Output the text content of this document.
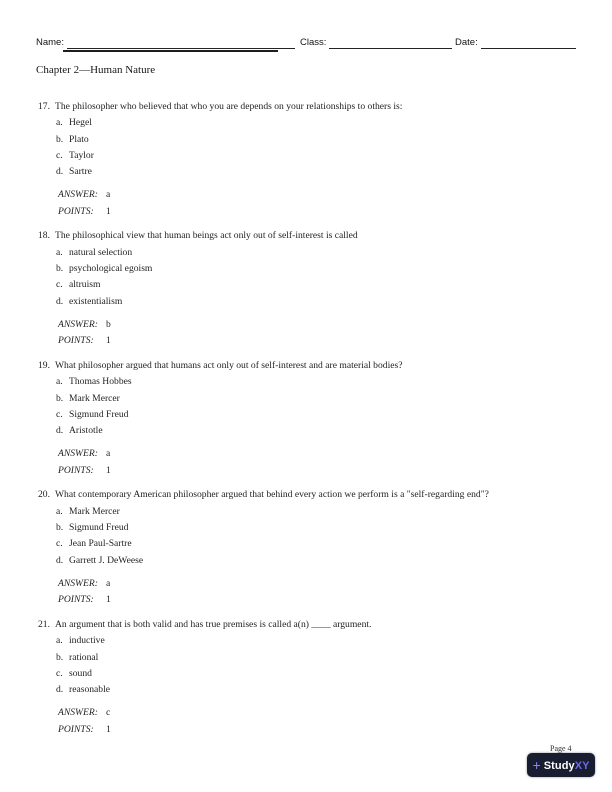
Name:	Class:	Date:
Chapter 2—Human Nature
17. The philosopher who believed that who you are depends on your relationships to others is:
a. Hegel
b. Plato
c. Taylor
d. Sartre
ANSWER: a
POINTS:	1
18. The philosophical view that human beings act only out of self-interest is called
a. natural selection
b. psychological egoism
c. altruism
d. existentialism
ANSWER: b
POINTS:	1
19. What philosopher argued that humans act only out of self-interest and are material bodies?
a. Thomas Hobbes
b. Mark Mercer
c. Sigmund Freud
d. Aristotle
ANSWER: a
POINTS:	1
20. What contemporary American philosopher argued that behind every action we perform is a "self-regarding end"?
a. Mark Mercer
b. Sigmund Freud
c. Jean Paul-Sartre
d. Garrett J. DeWeese
ANSWER: a
POINTS:	1
21. An argument that is both valid and has true premises is called a(n) ____ argument.
a. inductive
b. rational
c. sound
d. reasonable
ANSWER: c
POINTS:	1
Page 4
+ StudyXY
